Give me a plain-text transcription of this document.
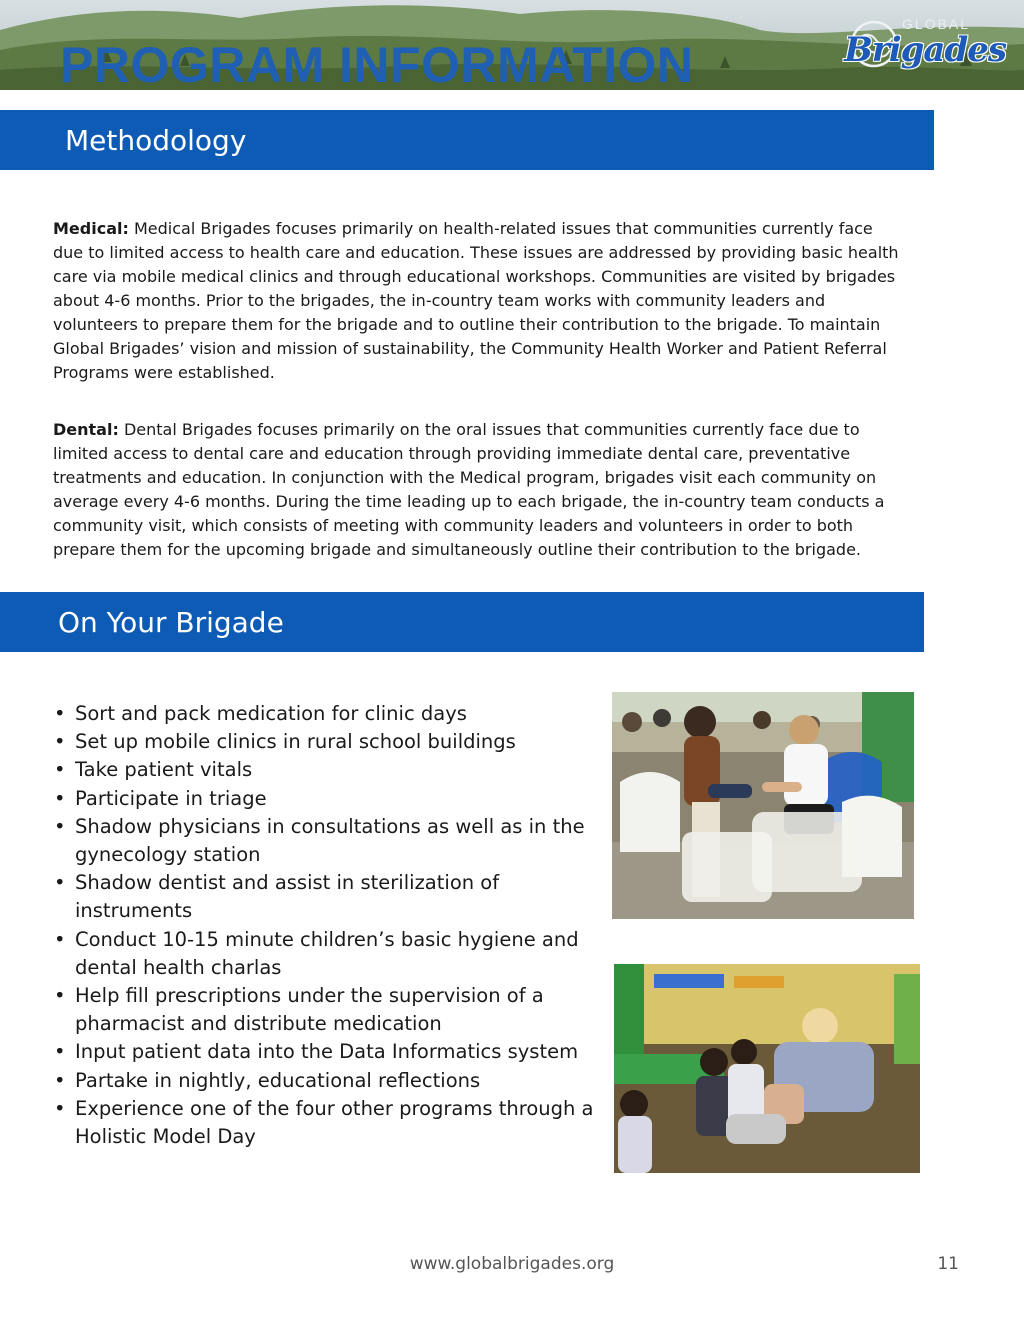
PROGRAM INFORMATION
GLOBAL
Brigades
Methodology
Medical: Medical Brigades focuses primarily on health-related issues that communities currently face due to limited access to health care and education. These issues are addressed by providing basic health care via mobile medical clinics and through educational workshops. Communities are visited by brigades about 4-6 months. Prior to the brigades, the in-country team works with community leaders and volunteers to prepare them for the brigade and to outline their contribution to the brigade. To maintain Global Brigades’ vision and mission of sustainability, the Community Health Worker and Patient Referral Programs were established.
Dental: Dental Brigades focuses primarily on the oral issues that communities currently face due to limited access to dental care and education through providing immediate dental care, preventative treatments and education. In conjunction with the Medical program, brigades visit each community on average every 4-6 months. During the time leading up to each brigade, the in-country team conducts a community visit, which consists of meeting with community leaders and volunteers in order to both prepare them for the upcoming brigade and simultaneously outline their contribution to the brigade.
On Your Brigade
• Sort and pack medication for clinic days
• Set up mobile clinics in rural school buildings
• Take patient vitals
• Participate in triage
• Shadow physicians in consultations as well as in the gynecology station
• Shadow dentist and assist in sterilization of instruments
• Conduct 10-15 minute children’s basic hygiene and dental health charlas
• Help fill prescriptions under the supervision of a pharmacist and distribute medication
• Input patient data into the Data Informatics system
• Partake in nightly, educational reflections
• Experience one of the four other programs through a Holistic Model Day
www.globalbrigades.org	11
